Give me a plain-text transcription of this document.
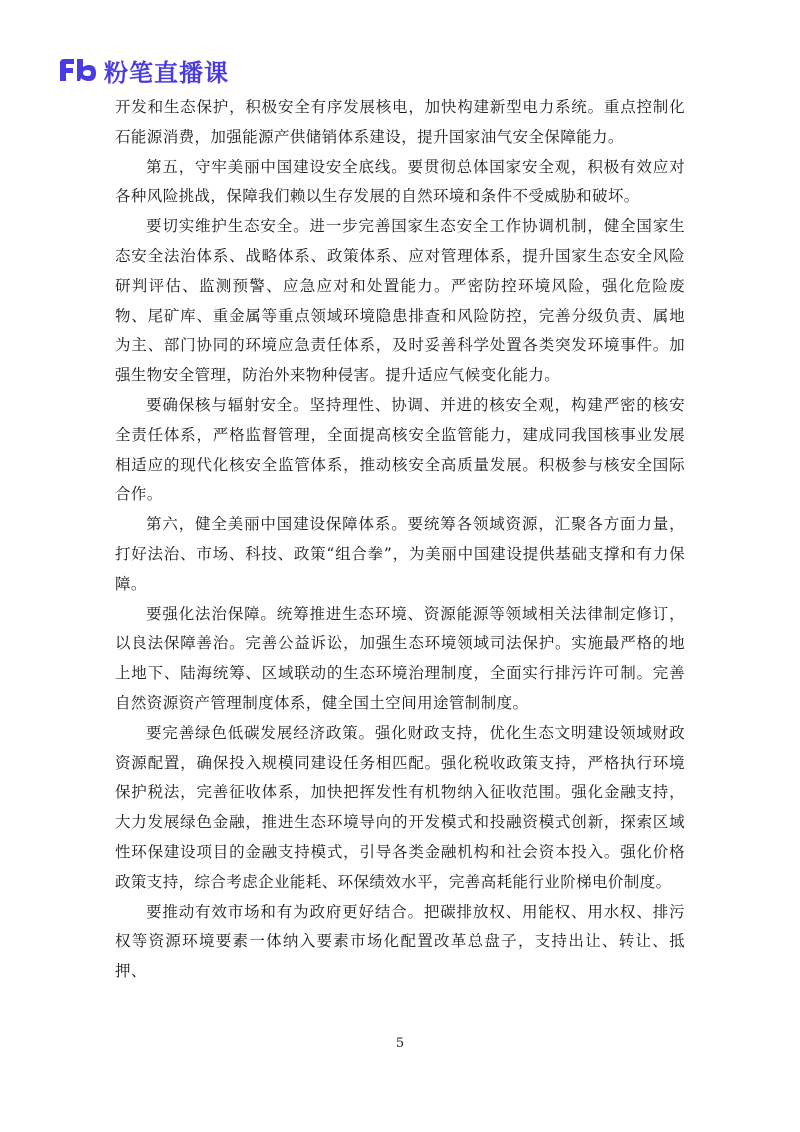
粉笔直播课

开发和生态保护，积极安全有序发展核电，加快构建新型电力系统。重点控制化石能源消费，加强能源产供储销体系建设，提升国家油气安全保障能力。

第五，守牢美丽中国建设安全底线。要贯彻总体国家安全观，积极有效应对各种风险挑战，保障我们赖以生存发展的自然环境和条件不受威胁和破坏。

要切实维护生态安全。进一步完善国家生态安全工作协调机制，健全国家生态安全法治体系、战略体系、政策体系、应对管理体系，提升国家生态安全风险研判评估、监测预警、应急应对和处置能力。严密防控环境风险，强化危险废物、尾矿库、重金属等重点领域环境隐患排查和风险防控，完善分级负责、属地为主、部门协同的环境应急责任体系，及时妥善科学处置各类突发环境事件。加强生物安全管理，防治外来物种侵害。提升适应气候变化能力。

要确保核与辐射安全。坚持理性、协调、并进的核安全观，构建严密的核安全责任体系，严格监督管理，全面提高核安全监管能力，建成同我国核事业发展相适应的现代化核安全监管体系，推动核安全高质量发展。积极参与核安全国际合作。

第六，健全美丽中国建设保障体系。要统筹各领域资源，汇聚各方面力量，打好法治、市场、科技、政策“组合拳”，为美丽中国建设提供基础支撑和有力保障。

要强化法治保障。统筹推进生态环境、资源能源等领域相关法律制定修订，以良法保障善治。完善公益诉讼，加强生态环境领域司法保护。实施最严格的地上地下、陆海统筹、区域联动的生态环境治理制度，全面实行排污许可制。完善自然资源资产管理制度体系，健全国土空间用途管制制度。

要完善绿色低碳发展经济政策。强化财政支持，优化生态文明建设领域财政资源配置，确保投入规模同建设任务相匹配。强化税收政策支持，严格执行环境保护税法，完善征收体系，加快把挥发性有机物纳入征收范围。强化金融支持，大力发展绿色金融，推进生态环境导向的开发模式和投融资模式创新，探索区域性环保建设项目的金融支持模式，引导各类金融机构和社会资本投入。强化价格政策支持，综合考虑企业能耗、环保绩效水平，完善高耗能行业阶梯电价制度。

要推动有效市场和有为政府更好结合。把碳排放权、用能权、用水权、排污权等资源环境要素一体纳入要素市场化配置改革总盘子，支持出让、转让、抵押、

5
